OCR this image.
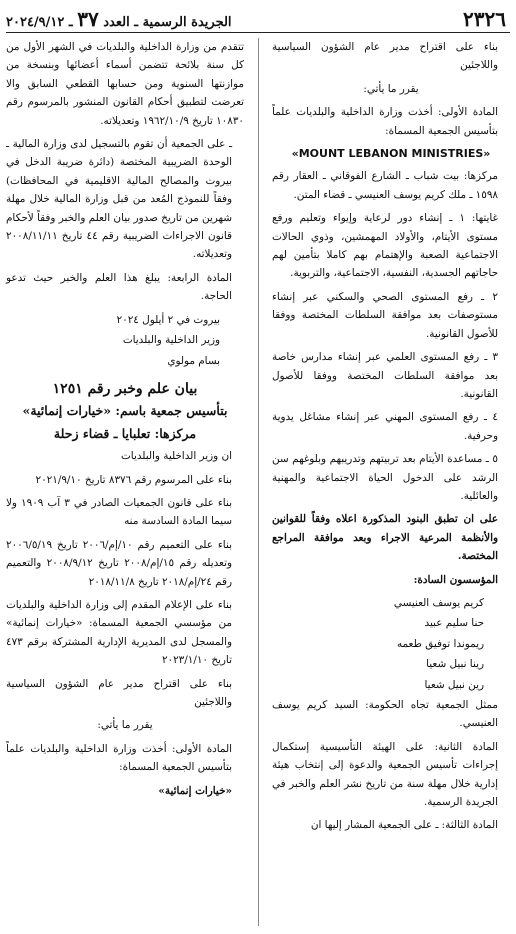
٢٣٢٦
الجريدة الرسمية ـ العدد ٣٧ ـ ٢٠٢٤/٩/١٢

بناء على اقتراح مدير عام الشؤون السياسية واللاجئين

يقرر ما يأتي:

المادة الأولى: أخذت وزارة الداخلية والبلديات علماً بتأسيس الجمعية المسماة:

«MOUNT LEBANON MINISTRIES»

مركزها: بيت شباب ـ الشارع الفوقاني ـ العقار رقم ١٥٩٨ ـ ملك كريم يوسف العنيسي ـ قضاء المتن.

غايتها: ١ ـ إنشاء دور لرعاية وإيواء وتعليم ورفع مستوى الأيتام، والأولاد المهمشين، وذوي الحالات الاجتماعية الصعبة والإهتمام بهم كاملا بتأمين لهم حاجاتهم الجسدية، النفسية، الاجتماعية، والتربوية.

٢ ـ رفع المستوى الصحي والسكني عبر إنشاء مستوصفات بعد موافقة السلطات المختصة ووفقا للأصول القانونية.

٣ ـ رفع المستوى العلمي عبر إنشاء مدارس خاصة بعد موافقة السلطات المختصة ووفقا للأصول القانونية.

٤ ـ رفع المستوى المهني عبر إنشاء مشاغل يدوية وحرفية.

٥ ـ مساعدة الأيتام بعد تربيتهم وتدريبهم وبلوغهم سن الرشد على الدخول الحياة الاجتماعية والمهنية والعائلية.

على ان تطبق البنود المذكورة اعلاه وفقاً للقوانين والأنظمة المرعية الاجراء وبعد موافقة المراجع المختصة.

المؤسسون السادة:

كريم يوسف العنيسي

حنا سليم عبيد

ريموندا توفيق طعمه

رينا نبيل شعيا

رين نبيل شعيا

ممثل الجمعية تجاه الحكومة: السيد كريم يوسف العنيسي.

المادة الثانية: على الهيئة التأسيسية إستكمال إجراءات تأسيس الجمعية والدعوة إلى إنتخاب هيئة إدارية خلال مهلة سنة من تاريخ نشر العلم والخبر في الجريدة الرسمية.

المادة الثالثة: ـ على الجمعية المشار إليها ان

تتقدم من وزارة الداخلية والبلديات في الشهر الأول من كل سنة بلائحة تتضمن أسماء أعضائها وبنسخة من موازنتها السنوية ومن حسابها القطعي السابق والا تعرضت لتطبيق أحكام القانون المنشور بالمرسوم رقم ١٠٨٣٠ تاريخ ١٩٦٢/١٠/٩ وتعديلاته.

ـ على الجمعية أن تقوم بالتسجيل لدى وزارة المالية ـ الوحدة الضريبية المختصة (دائرة ضريبة الدخل في بيروت والمصالح المالية الاقليمية في المحافظات) وفقاً للنموذج المُعد من قبل وزارة المالية خلال مهلة شهرين من تاريخ صدور بيان العلم والخبر وفقاً لأحكام قانون الاجراءات الضريبية رقم ٤٤ تاريخ ٢٠٠٨/١١/١١ وتعديلاته.

المادة الرابعة: يبلغ هذا العلم والخبر حيث تدعو الحاجة.

بيروت في ٢ أيلول ٢٠٢٤

وزير الداخلية والبلديات

بسام مولوي

بيان علم وخبر رقم ١٢٥١

بتأسيس جمعية باسم: «خيارات إنمائية»

مركزها: تعلبايا ـ قضاء زحلة

ان وزير الداخلية والبلديات

بناء على المرسوم رقم ٨٣٧٦ تاريخ ٢٠٢١/٩/١٠

بناء على قانون الجمعيات الصادر في ٣ آب ١٩٠٩ ولا سيما المادة السادسة منه

بناء على التعميم رقم ١٠/إم/٢٠٠٦ تاريخ ٢٠٠٦/٥/١٩ وتعديله رقم ١٥/إم/٢٠٠٨ تاريخ ٢٠٠٨/٩/١٢ والتعميم رقم ٢٤/إم/٢٠١٨ تاريخ ٢٠١٨/١١/٨

بناء على الإعلام المقدم إلى وزارة الداخلية والبلديات من مؤسسي الجمعية المسماة: «خيارات إنمائية» والمسجل لدى المديرية الإدارية المشتركة برقم ٤٧٣ تاريخ ٢٠٢٣/١/١٠

بناء على اقتراح مدير عام الشؤون السياسية واللاجئين

يقرر ما يأتي:

المادة الأولى: أخذت وزارة الداخلية والبلديات علماً بتأسيس الجمعية المسماة:

«خيارات إنمائية»
